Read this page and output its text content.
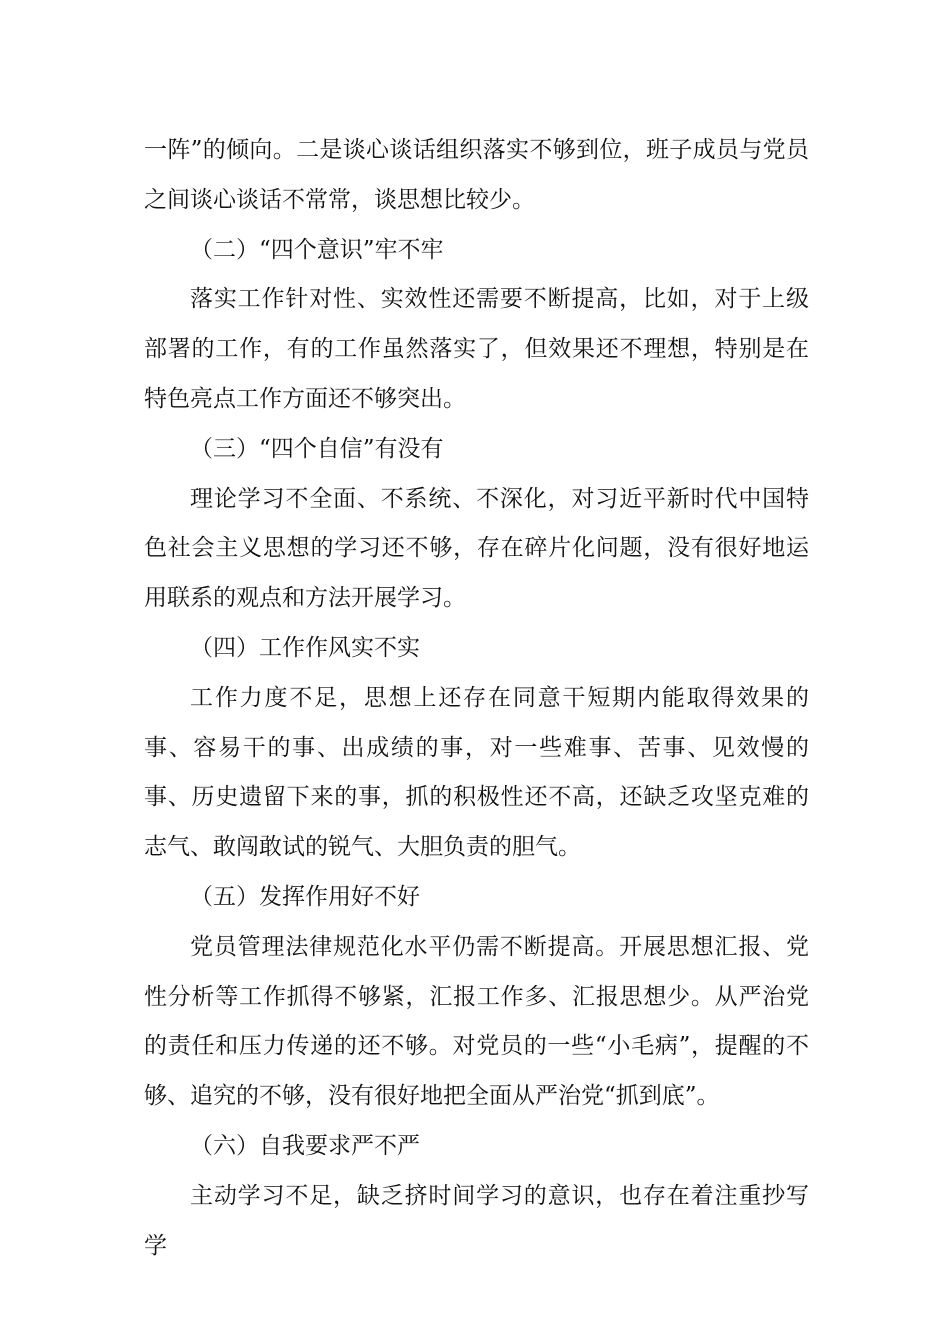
一阵”的倾向。二是谈心谈话组织落实不够到位，班子成员与党员之间谈心谈话不常常，谈思想比较少。

（二）“四个意识”牢不牢

落实工作针对性、实效性还需要不断提高，比如，对于上级部署的工作，有的工作虽然落实了，但效果还不理想，特别是在特色亮点工作方面还不够突出。

（三）“四个自信”有没有

理论学习不全面、不系统、不深化，对习近平新时代中国特色社会主义思想的学习还不够，存在碎片化问题，没有很好地运用联系的观点和方法开展学习。

（四）工作作风实不实

工作力度不足，思想上还存在同意干短期内能取得效果的事、容易干的事、出成绩的事，对一些难事、苦事、见效慢的事、历史遗留下来的事，抓的积极性还不高，还缺乏攻坚克难的志气、敢闯敢试的锐气、大胆负责的胆气。

（五）发挥作用好不好

党员管理法律规范化水平仍需不断提高。开展思想汇报、党性分析等工作抓得不够紧，汇报工作多、汇报思想少。从严治党的责任和压力传递的还不够。对党员的一些“小毛病”，提醒的不够、追究的不够，没有很好地把全面从严治党“抓到底”。

（六）自我要求严不严

主动学习不足，缺乏挤时间学习的意识，也存在着注重抄写学
